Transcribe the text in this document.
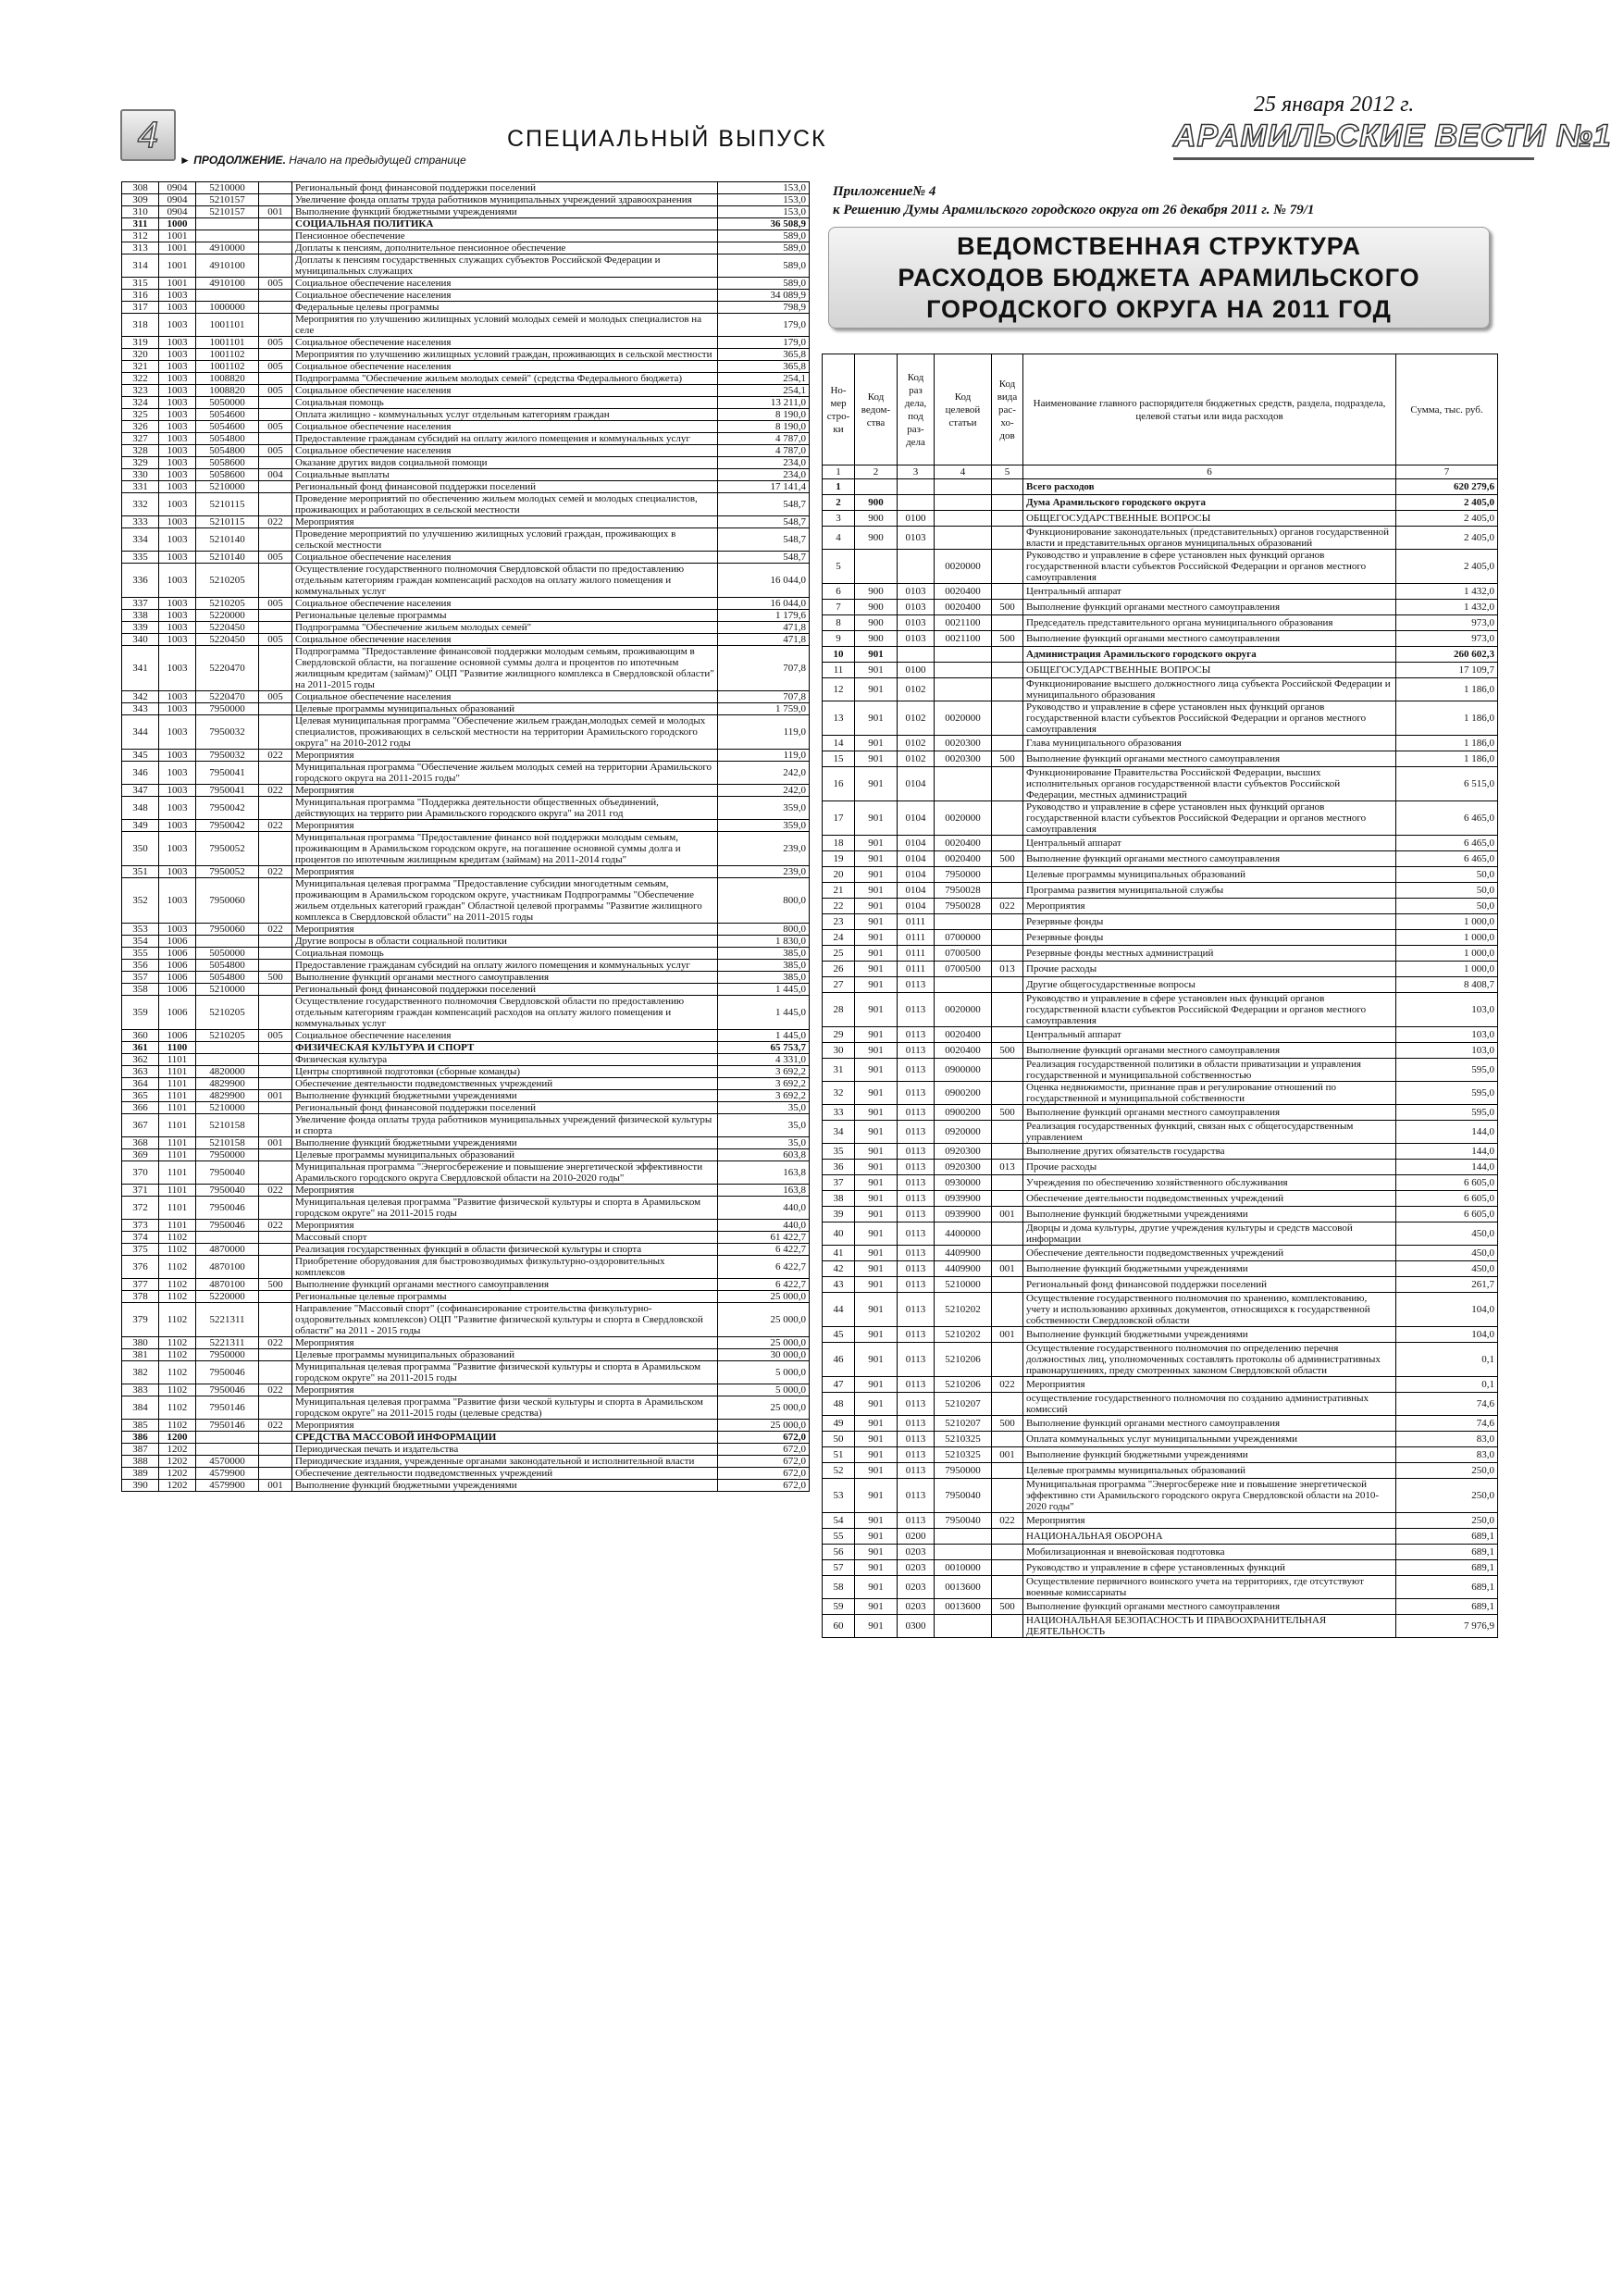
4	СПЕЦИАЛЬНЫЙ ВЫПУСК
► ПРОДОЛЖЕНИЕ. Начало на предыдущей странице
25 января 2012 г.
АРАМИЛЬСКИЕ ВЕСТИ №1
308	0904	5210000		Региональный фонд финансовой поддержки поселений	153,0
309	0904	5210157		Увеличение фонда оплаты труда работников муниципальных учреждений здравоохранения	153,0
310	0904	5210157	001	Выполнение функций бюджетными учреждениями	153,0
311	1000			СОЦИАЛЬНАЯ ПОЛИТИКА	36 508,9
312	1001			Пенсионное обеспечение	589,0
313	1001	4910000		Доплаты к пенсиям, дополнительное пенсионное обеспечение	589,0
314	1001	4910100		Доплаты к пенсиям государственных служащих субъектов Российской Федерации и муниципальных служащих	589,0
315	1001	4910100	005	Социальное обеспечение населения	589,0
316	1003			Социальное обеспечение населения	34 089,9
317	1003	1000000		Федеральные целевы программы	798,9
318	1003	1001101		Мероприятия по улучшению жилищных условий молодых семей и молодых специалистов на селе	179,0
319	1003	1001101	005	Социальное обеспечение населения	179,0
320	1003	1001102		Мероприятия по улучшению жилищных условий граждан, проживающих в сельской местности	365,8
321	1003	1001102	005	Социальное обеспечение населения	365,8
322	1003	1008820		Подпрограмма "Обеспечение жильем молодых семей" (средства Федерального бюджета)	254,1
323	1003	1008820	005	Социальное обеспечение населения	254,1
324	1003	5050000		Социальная помощь	13 211,0
325	1003	5054600		Оплата жилищно - коммунальных услуг отдельным категориям граждан	8 190,0
326	1003	5054600	005	Социальное обеспечение населения	8 190,0
327	1003	5054800		Предоставление гражданам субсидий на оплату жилого помещения и коммунальных услуг	4 787,0
328	1003	5054800	005	Социальное обеспечение населения	4 787,0
329	1003	5058600		Оказание других видов социальной помощи	234,0
330	1003	5058600	004	Социальные выплаты	234,0
331	1003	5210000		Региональный фонд финансовой поддержки поселений	17 141,4
332	1003	5210115		Проведение мероприятий по обеспечению жильем молодых семей и молодых специалистов, проживающих и работающих в сельской местности	548,7
333	1003	5210115	022	Мероприятия	548,7
334	1003	5210140		Проведение мероприятий по улучшению жилищных условий граждан, проживающих в сельской местности	548,7
335	1003	5210140	005	Социальное обеспечение населения	548,7
336	1003	5210205		Осуществление государственного полномочия Свердловской области по предоставлению отдельным категориям граждан компенсаций расходов на оплату жилого помещения и коммунальных услуг	16 044,0
337	1003	5210205	005	Социальное обеспечение населения	16 044,0
338	1003	5220000		Региональные целевые программы	1 179,6
339	1003	5220450		Подпрограмма "Обеспечение жильем молодых семей"	471,8
340	1003	5220450	005	Социальное обеспечение населения	471,8
341	1003	5220470		Подпрограмма "Предоставление финансовой поддержки молодым семьям, проживающим в Свердловской области, на погашение основной суммы долга и процентов по ипотечным жилищным кредитам (займам)" ОЦП "Развитие жилищного комплекса в Свердловской области" на 2011-2015 годы	707,8
342	1003	5220470	005	Социальное обеспечение населения	707,8
343	1003	7950000		Целевые программы муниципальных образований	1 759,0
344	1003	7950032		Целевая муниципальная программа "Обеспечение жильем граждан,молодых семей и молодых специалистов, проживающих в сельской местности на территории Арамильского городского округа" на 2010-2012 годы	119,0
345	1003	7950032	022	Мероприятия	119,0
346	1003	7950041		Муниципальная программа "Обеспечение жильем молодых семей на территории Арамильского городского округа на 2011-2015 годы"	242,0
347	1003	7950041	022	Мероприятия	242,0
348	1003	7950042		Муниципальная программа "Поддержка деятельности общественных объединений, действующих на террито рии Арамильского городского округа" на 2011 год	359,0
349	1003	7950042	022	Мероприятия	359,0
350	1003	7950052		Муниципальная программа "Предоставление финансо вой поддержки молодым семьям, проживающим в Арамильском городском округе, на погашение основной суммы долга и процентов по ипотечным жилищным кредитам (займам) на 2011-2014 годы"	239,0
351	1003	7950052	022	Мероприятия	239,0
352	1003	7950060		Муниципальная целевая программа "Предоставление субсидии многодетным семьям, проживающим в Арамильском городском округе, участникам Подпрограммы "Обеспечение жильем отдельных категорий граждан" Областной целевой программы "Развитие жилищного комплекса в Свердловской области" на 2011-2015 годы	800,0
353	1003	7950060	022	Мероприятия	800,0
354	1006			Другие вопросы в области социальной политики	1 830,0
355	1006	5050000		Социальная помощь	385,0
356	1006	5054800		Предоставление гражданам субсидий на оплату жилого помещения и коммунальных услуг	385,0
357	1006	5054800	500	Выполнение функций органами местного самоуправления	385,0
358	1006	5210000		Региональный фонд финансовой поддержки поселений	1 445,0
359	1006	5210205		Осуществление государственного полномочия Свердловской области по предоставлению отдельным категориям граждан компенсаций расходов на оплату жилого помещения и коммунальных услуг	1 445,0
360	1006	5210205	005	Социальное обеспечение населения	1 445,0
361	1100			ФИЗИЧЕСКАЯ КУЛЬТУРА И СПОРТ	65 753,7
362	1101			Физическая культура	4 331,0
363	1101	4820000		Центры спортивной подготовки (сборные команды)	3 692,2
364	1101	4829900		Обеспечение деятельности подведомственных учреждений	3 692,2
365	1101	4829900	001	Выполнение функций бюджетными учреждениями	3 692,2
366	1101	5210000		Региональный фонд финансовой поддержки поселений	35,0
367	1101	5210158		Увеличение фонда оплаты труда работников муниципальных учреждений физической культуры и спорта	35,0
368	1101	5210158	001	Выполнение функций бюджетными учреждениями	35,0
369	1101	7950000		Целевые программы муниципальных образований	603,8
370	1101	7950040		Муниципальная программа "Энергосбережение и повышение энергетической эффективности Арамильского городского округа Свердловской области на 2010-2020 годы"	163,8
371	1101	7950040	022	Мероприятия	163,8
372	1101	7950046		Муниципальная целевая программа "Развитие физической культуры и спорта в Арамильском городском округе" на 2011-2015 годы	440,0
373	1101	7950046	022	Мероприятия	440,0
374	1102			Массовый спорт	61 422,7
375	1102	4870000		Реализация государственных функций в области физической культуры и спорта	6 422,7
376	1102	4870100		Приобретение оборудования для быстровозводимых физкультурно-оздоровительных комплексов	6 422,7
377	1102	4870100	500	Выполнение функций органами местного самоуправления	6 422,7
378	1102	5220000		Региональные целевые программы	25 000,0
379	1102	5221311		Направление "Массовый спорт" (софинансирование строительства физкультурно-оздоровительных комплексов) ОЦП "Развитие физической культуры и спорта в Свердловской области" на 2011 - 2015 годы	25 000,0
380	1102	5221311	022	Мероприятия	25 000,0
381	1102	7950000		Целевые программы муниципальных образований	30 000,0
382	1102	7950046		Муниципальная целевая программа "Развитие физической культуры и спорта в Арамильском городском округе" на 2011-2015 годы	5 000,0
383	1102	7950046	022	Мероприятия	5 000,0
384	1102	7950146		Муниципальная целевая программа "Развитие физи ческой культуры и спорта в Арамильском городском округе" на 2011-2015 годы (целевые средства)	25 000,0
385	1102	7950146	022	Мероприятия	25 000,0
386	1200			СРЕДСТВА МАССОВОЙ ИНФОРМАЦИИ	672,0
387	1202			Периодическая печать и издательства	672,0
388	1202	4570000		Периодические издания, учрежденные органами законодательной и исполнительной власти	672,0
389	1202	4579900		Обеспечение деятельности подведомственных учреждений	672,0
390	1202	4579900	001	Выполнение функций бюджетными учреждениями	672,0
Приложение№ 4
к Решению Думы Арамильского городского округа от 26 декабря 2011 г. № 79/1
ВЕДОМСТВЕННАЯ СТРУКТУРА
РАСХОДОВ БЮДЖЕТА АРАМИЛЬСКОГО
ГОРОДСКОГО ОКРУГА НА 2011 ГОД
Но-мер стро-ки	Код ведом-ства	Код раз дела, под раз-дела	Код целевой статьи	Код вида рас-хо-дов	Наименование главного распорядителя бюджетных средств, раздела, подраздела, целевой статьи или вида расходов	Сумма, тыс. руб.
1	2	3	4	5	6	7
1					Всего расходов	620 279,6
2	900				Дума Арамильского городского округа	2 405,0
3	900	0100			ОБЩЕГОСУДАРСТВЕННЫЕ ВОПРОСЫ	2 405,0
4	900	0103			Функционирование законодательных (представительных) органов государственной власти и представительных органов муниципальных образований	2 405,0
5			0020000		Руководство и управление в сфере установлен ных функций органов государственной власти субъектов Российской Федерации и органов местного самоуправления	2 405,0
6	900	0103	0020400		Центральный аппарат	1 432,0
7	900	0103	0020400	500	Выполнение функций органами местного самоуправления	1 432,0
8	900	0103	0021100		Председатель представительного органа муниципального образования	973,0
9	900	0103	0021100	500	Выполнение функций органами местного самоуправления	973,0
10	901				Администрация Арамильского городского округа	260 602,3
11	901	0100			ОБЩЕГОСУДАРСТВЕННЫЕ ВОПРОСЫ	17 109,7
12	901	0102			Функционирование высшего должностного лица субъекта Российской Федерации и муниципального образования	1 186,0
13	901	0102	0020000		Руководство и управление в сфере установлен ных функций органов государственной власти субъектов Российской Федерации и органов местного самоуправления	1 186,0
14	901	0102	0020300		Глава муниципального образования	1 186,0
15	901	0102	0020300	500	Выполнение функций органами местного самоуправления	1 186,0
16	901	0104			Функционирование Правительства Российской Федерации, высших исполнительных органов государственной власти субъектов Российской Федерации, местных администраций	6 515,0
17	901	0104	0020000		Руководство и управление в сфере установлен ных функций органов государственной власти субъектов Российской Федерации и органов местного самоуправления	6 465,0
18	901	0104	0020400		Центральный аппарат	6 465,0
19	901	0104	0020400	500	Выполнение функций органами местного самоуправления	6 465,0
20	901	0104	7950000		Целевые программы муниципальных образований	50,0
21	901	0104	7950028		Программа развития муниципальной службы	50,0
22	901	0104	7950028	022	Мероприятия	50,0
23	901	0111			Резервные фонды	1 000,0
24	901	0111	0700000		Резервные фонды	1 000,0
25	901	0111	0700500		Резервные фонды местных администраций	1 000,0
26	901	0111	0700500	013	Прочие расходы	1 000,0
27	901	0113			Другие общегосударственные вопросы	8 408,7
28	901	0113	0020000		Руководство и управление в сфере установлен ных функций органов государственной власти субъектов Российской Федерации и органов местного самоуправления	103,0
29	901	0113	0020400		Центральный аппарат	103,0
30	901	0113	0020400	500	Выполнение функций органами местного самоуправления	103,0
31	901	0113	0900000		Реализация государственной политики в области приватизации и управления государственной и муниципальной собственностью	595,0
32	901	0113	0900200		Оценка недвижимости, признание прав и регулирование отношений по государственной и муниципальной собственности	595,0
33	901	0113	0900200	500	Выполнение функций органами местного самоуправления	595,0
34	901	0113	0920000		Реализация государственных функций, связан ных с общегосударственным управлением	144,0
35	901	0113	0920300		Выполнение других обязательств государства	144,0
36	901	0113	0920300	013	Прочие расходы	144,0
37	901	0113	0930000		Учреждения по обеспечению хозяйственного обслуживания	6 605,0
38	901	0113	0939900		Обеспечение деятельности подведомственных учреждений	6 605,0
39	901	0113	0939900	001	Выполнение функций бюджетными учреждениями	6 605,0
40	901	0113	4400000		Дворцы и дома культуры, другие учреждения культуры и средств массовой информации	450,0
41	901	0113	4409900		Обеспечение деятельности подведомственных учреждений	450,0
42	901	0113	4409900	001	Выполнение функций бюджетными учреждениями	450,0
43	901	0113	5210000		Региональный фонд финансовой поддержки поселений	261,7
44	901	0113	5210202		Осуществление государственного полномочия по хранению, комплектованию, учету и использованию архивных документов, относящихся к государственной собственности Свердловской области	104,0
45	901	0113	5210202	001	Выполнение функций бюджетными учреждениями	104,0
46	901	0113	5210206		Осуществление государственного полномочия по определению перечня должностных лиц, уполномоченных составлять протоколы об административных правонарушениях, преду смотренных законом Свердловской области	0,1
47	901	0113	5210206	022	Мероприятия	0,1
48	901	0113	5210207		осуществление государственного полномочия по созданию административных комиссий	74,6
49	901	0113	5210207	500	Выполнение функций органами местного самоуправления	74,6
50	901	0113	5210325		Оплата коммунальных услуг муниципальными учреждениями	83,0
51	901	0113	5210325	001	Выполнение функций бюджетными учреждениями	83,0
52	901	0113	7950000		Целевые программы муниципальных образований	250,0
53	901	0113	7950040		Муниципальная программа "Энергосбереже ние и повышение энергетической эффективно сти Арамильского городского округа Свердловской области на 2010-2020 годы"	250,0
54	901	0113	7950040	022	Мероприятия	250,0
55	901	0200			НАЦИОНАЛЬНАЯ ОБОРОНА	689,1
56	901	0203			Мобилизационная и вневойсковая подготовка	689,1
57	901	0203	0010000		Руководство и управление в сфере установленных функций	689,1
58	901	0203	0013600		Осуществление первичного воинского учета на территориях, где отсутствуют военные комиссариаты	689,1
59	901	0203	0013600	500	Выполнение функций органами местного самоуправления	689,1
60	901	0300			НАЦИОНАЛЬНАЯ БЕЗОПАСНОСТЬ И ПРАВООХРАНИТЕЛЬНАЯ ДЕЯТЕЛЬНОСТЬ	7 976,9
